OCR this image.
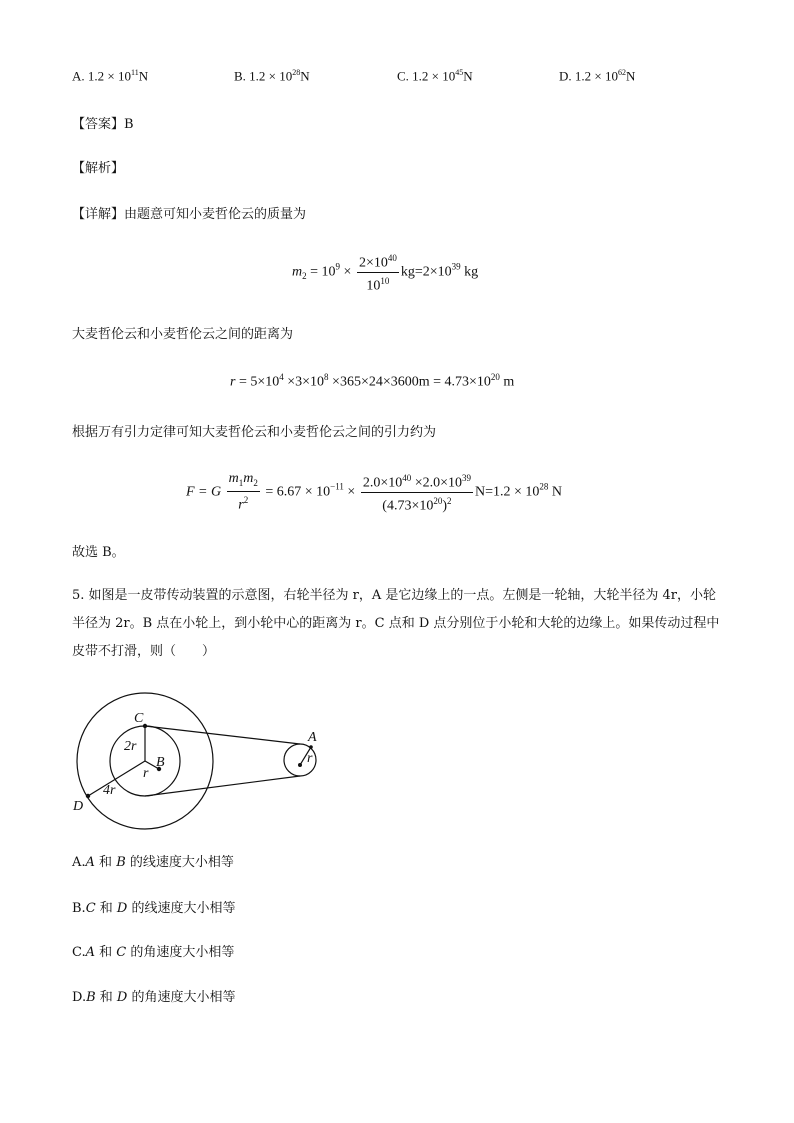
A. $1.2 \times 10^{11}N$	B. $1.2 \times 10^{28}N$	C. $1.2 \times 10^{45}N$	D. $1.2 \times 10^{62}N$
【答案】B
【解析】
【详解】由题意可知小麦哲伦云的质量为
$m_2 = 10^9 \times \frac{2\times 10^{40}}{10^{10}} kg=2\times 10^{39}$ kg
大麦哲伦云和小麦哲伦云之间的距离为
$r = 5\times 10^4 \times 3\times 10^8 \times 365\times 24\times 3600m = 4.73\times 10^{20}$ m
根据万有引力定律可知大麦哲伦云和小麦哲伦云之间的引力约为
F = G $\frac{m_1m_2}{r^2} = 6.67 \times 10^{-11} \times \frac{2.0\times 10^{40} \times 2.0\times 10^{39}}{(4.73\times 10^{20})^2} N=1.2 \times 10^{28}$ N
故选 B。
5. 如图是一皮带传动装置的示意图，右轮半径为 r，A 是它边缘上的一点。左侧是一轮轴，大轮半径为 4r，小轮半径为 2r。B 点在小轮上，到小轮中心的距离为 r。C 点和 D 点分别位于小轮和大轮的边缘上。如果传动过程中皮带不打滑，则（　　）
C
2r
r
B
4r
D
A
r
A.A 和 B 的线速度大小相等
B.C 和 D 的线速度大小相等
C.A 和 C 的角速度大小相等
D.B 和 D 的角速度大小相等
